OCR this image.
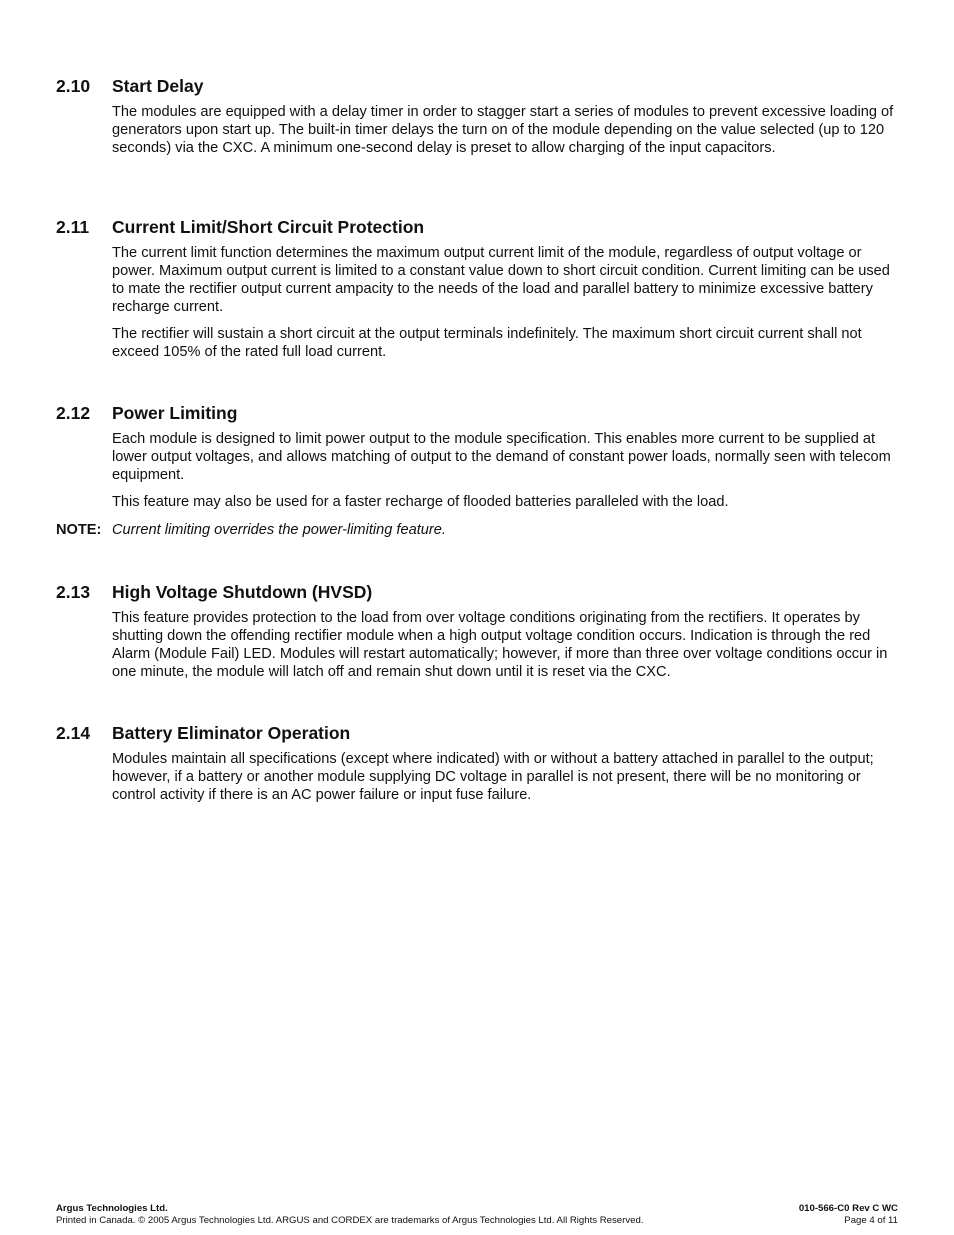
2.10	Start Delay

The modules are equipped with a delay timer in order to stagger start a series of modules to prevent excessive loading of generators upon start up. The built-in timer delays the turn on of the module depending on the value selected (up to 120 seconds) via the CXC. A minimum one-second delay is preset to allow charging of the input capacitors.

2.11	Current Limit/Short Circuit Protection

The current limit function determines the maximum output current limit of the module, regardless of output voltage or power. Maximum output current is limited to a constant value down to short circuit condition. Current limiting can be used to mate the rectifier output current ampacity to the needs of the load and parallel battery to minimize excessive battery recharge current.

The rectifier will sustain a short circuit at the output terminals indefinitely. The maximum short circuit current shall not exceed 105% of the rated full load current.

2.12	Power Limiting

Each module is designed to limit power output to the module specification. This enables more current to be supplied at lower output voltages, and allows matching of output to the demand of constant power loads, normally seen with telecom equipment.

This feature may also be used for a faster recharge of flooded batteries paralleled with the load.

NOTE: Current limiting overrides the power-limiting feature.
2.13	High Voltage Shutdown (HVSD)

This feature provides protection to the load from over voltage conditions originating from the rectifiers. It operates by shutting down the offending rectifier module when a high output voltage condition occurs. Indication is through the red Alarm (Module Fail) LED. Modules will restart automatically; however, if more than three over voltage conditions occur in one minute, the module will latch off and remain shut down until it is reset via the CXC.

2.14	Battery Eliminator Operation

Modules maintain all specifications (except where indicated) with or without a battery attached in parallel to the output; however, if a battery or another module supplying DC voltage in parallel is not present, there will be no monitoring or control activity if there is an AC power failure or input fuse failure.

Argus Technologies Ltd.	010-566-C0 Rev C WC
Printed in Canada. © 2005 Argus Technologies Ltd. ARGUS and CORDEX are trademarks of Argus Technologies Ltd. All Rights Reserved.	Page 4 of 11
